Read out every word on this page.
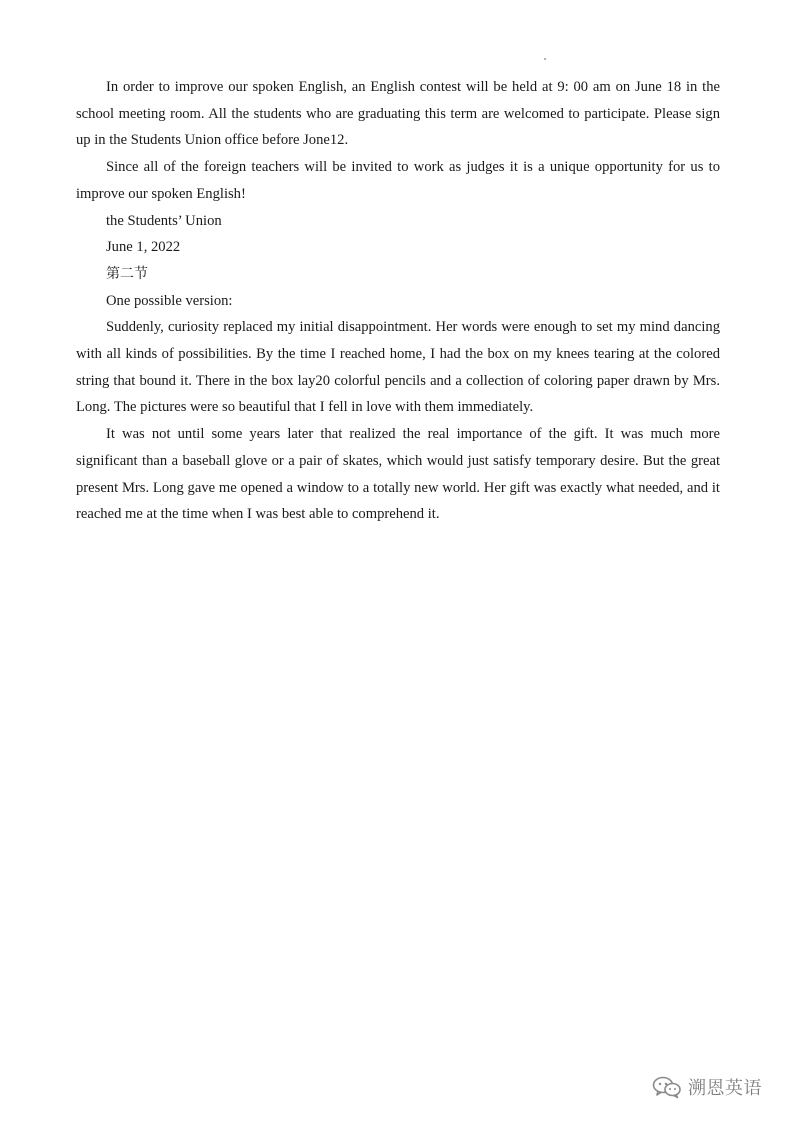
In order to improve our spoken English, an English contest will be held at 9: 00 am on June 18 in the school meeting room. All the students who are graduating this term are welcomed to participate. Please sign up in the Students Union office before Jone12.

Since all of the foreign teachers will be invited to work as judges it is a unique opportunity for us to improve our spoken English!

the Students’ Union

June 1, 2022

第二节

One possible version:

Suddenly, curiosity replaced my initial disappointment. Her words were enough to set my mind dancing with all kinds of possibilities. By the time I reached home, I had the box on my knees tearing at the colored string that bound it. There in the box lay20 colorful pencils and a collection of coloring paper drawn by Mrs. Long. The pictures were so beautiful that I fell in love with them immediately.

It was not until some years later that realized the real importance of the gift. It was much more significant than a baseball glove or a pair of skates, which would just satisfy temporary desire. But the great present Mrs. Long gave me opened a window to a totally new world. Her gift was exactly what needed, and it reached me at the time when I was best able to comprehend it.

溯恩英语
